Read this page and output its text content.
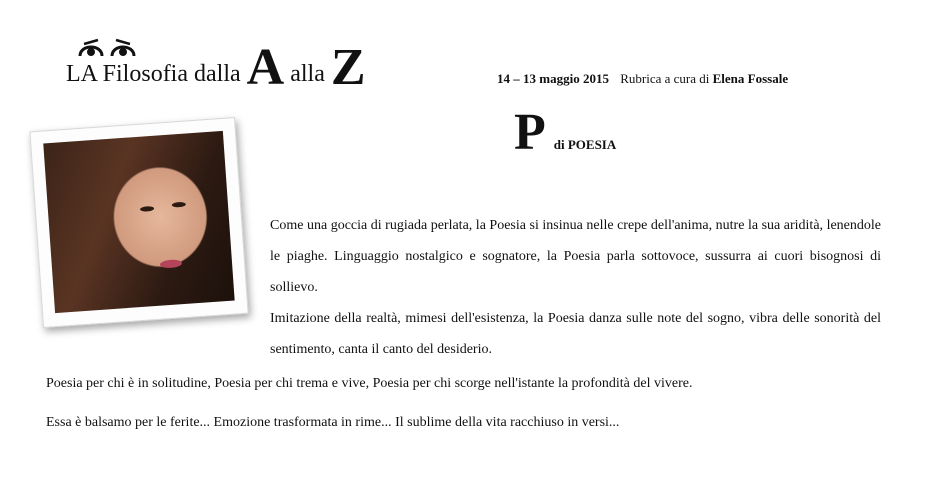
LA Filosofia dalla A alla Z	14 – 13 maggio 2015 Rubrica a cura di Elena Fossale
P di POESIA

Come una goccia di rugiada perlata, la Poesia si insinua nelle crepe dell'anima, nutre la sua aridità, lenendole le piaghe. Linguaggio nostalgico e sognatore, la Poesia parla sottovoce, sussurra ai cuori bisognosi di sollievo.

Imitazione della realtà, mimesi dell'esistenza, la Poesia danza sulle note del sogno, vibra delle sonorità del sentimento, canta il canto del desiderio.

Poesia per chi è in solitudine, Poesia per chi trema e vive, Poesia per chi scorge nell'istante la profondità del vivere.

Essa è balsamo per le ferite... Emozione trasformata in rime... Il sublime della vita racchiuso in versi...
